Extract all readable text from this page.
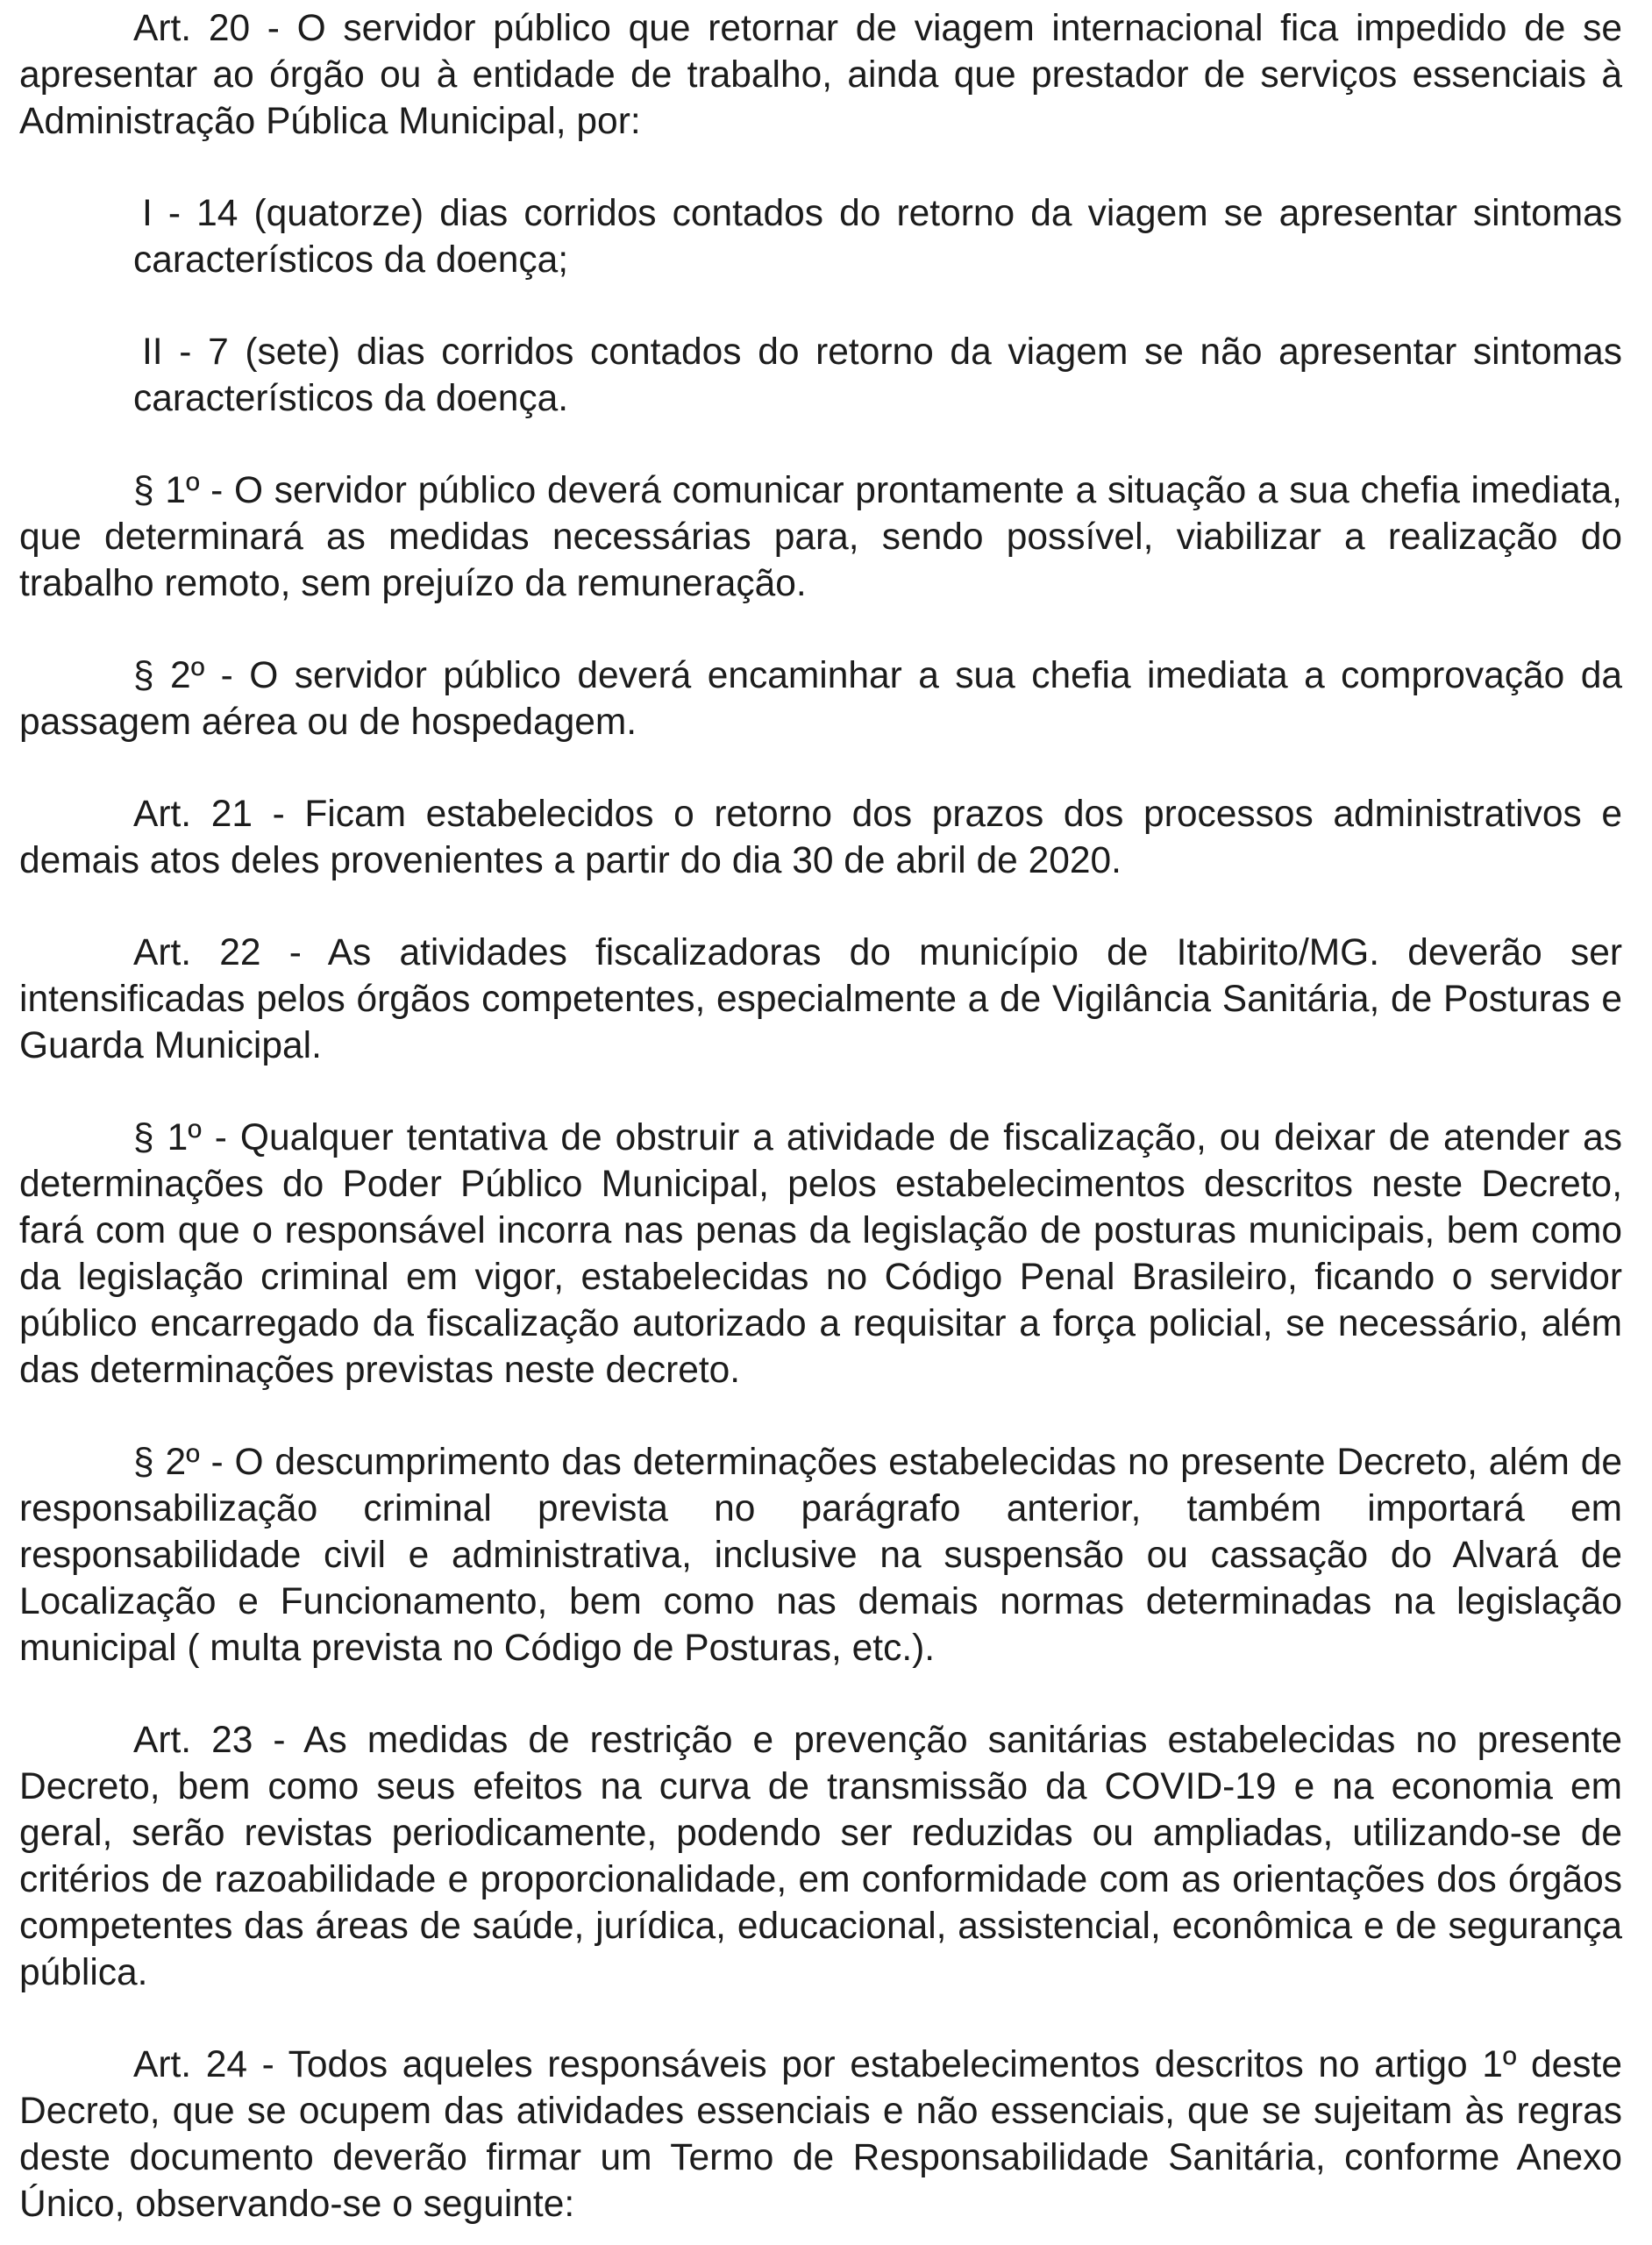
Art. 20 - O servidor público que retornar de viagem internacional fica impedido de se apresentar ao órgão ou à entidade de trabalho, ainda que prestador de serviços essenciais à Administração Pública Municipal, por:

I - 14 (quatorze) dias corridos contados do retorno da viagem se apresentar sintomas característicos da doença;

II - 7 (sete) dias corridos contados do retorno da viagem se não apresentar sintomas característicos da doença.

§ 1º - O servidor público deverá comunicar prontamente a situação a sua chefia imediata, que determinará as medidas necessárias para, sendo possível, viabilizar a realização do trabalho remoto, sem prejuízo da remuneração.

§ 2º - O servidor público deverá encaminhar a sua chefia imediata a comprovação da passagem aérea ou de hospedagem.

Art. 21 - Ficam estabelecidos o retorno dos prazos dos processos administrativos e demais atos deles provenientes a partir do dia 30 de abril de 2020.

Art. 22 - As atividades fiscalizadoras do município de Itabirito/MG. deverão ser intensificadas pelos órgãos competentes, especialmente a de Vigilância Sanitária, de Posturas e Guarda Municipal.

§ 1º - Qualquer tentativa de obstruir a atividade de fiscalização, ou deixar de atender as determinações do Poder Público Municipal, pelos estabelecimentos descritos neste Decreto, fará com que o responsável incorra nas penas da legislação de posturas municipais, bem como da legislação criminal em vigor, estabelecidas no Código Penal Brasileiro, ficando o servidor público encarregado da fiscalização autorizado a requisitar a força policial, se necessário, além das determinações previstas neste decreto.

§ 2º - O descumprimento das determinações estabelecidas no presente Decreto, além de responsabilização criminal prevista no parágrafo anterior, também importará em responsabilidade civil e administrativa, inclusive na suspensão ou cassação do Alvará de Localização e Funcionamento, bem como nas demais normas determinadas na legislação municipal ( multa prevista no Código de Posturas, etc.).

Art. 23 - As medidas de restrição e prevenção sanitárias estabelecidas no presente Decreto, bem como seus efeitos na curva de transmissão da COVID-19 e na economia em geral, serão revistas periodicamente, podendo ser reduzidas ou ampliadas, utilizando-se de critérios de razoabilidade e proporcionalidade, em conformidade com as orientações dos órgãos competentes das áreas de saúde, jurídica, educacional, assistencial, econômica e de segurança pública.

Art. 24 - Todos aqueles responsáveis por estabelecimentos descritos no artigo 1º deste Decreto, que se ocupem das atividades essenciais e não essenciais, que se sujeitam às regras deste documento deverão firmar um Termo de Responsabilidade Sanitária, conforme Anexo Único, observando-se o seguinte:
